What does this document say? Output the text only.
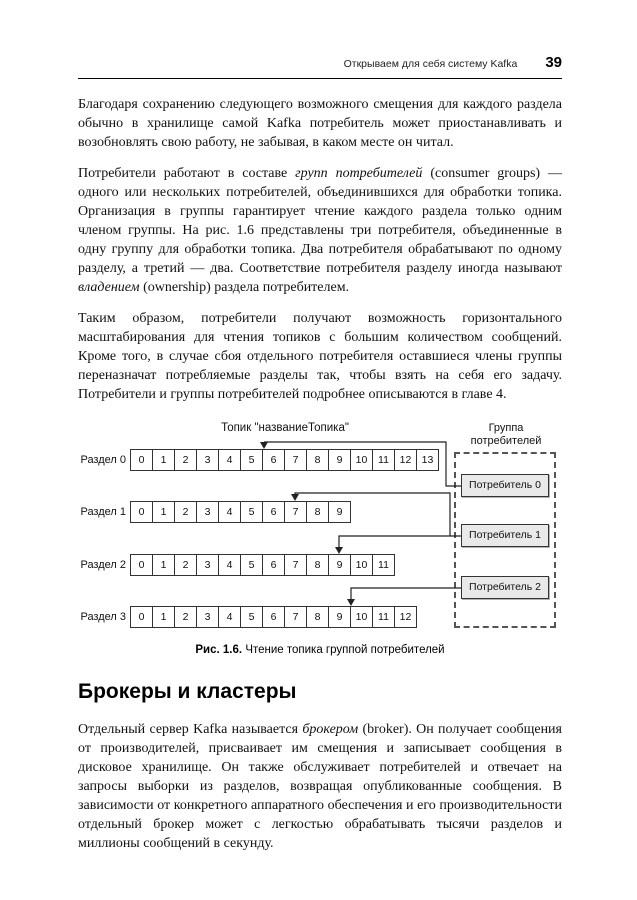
Открываем для себя систему Kafka 39

Благодаря сохранению следующего возможного смещения для каждого раздела обычно в хранилище самой Kafka потребитель может приостанавливать и возобновлять свою работу, не забывая, в каком месте он читал.

Потребители работают в составе групп потребителей (consumer groups) — одного или нескольких потребителей, объединившихся для обработки топика. Организация в группы гарантирует чтение каждого раздела только одним членом группы. На рис. 1.6 представлены три потребителя, объединенные в одну группу для обработки топика. Два потребителя обрабатывают по одному разделу, а третий — два. Соответствие потребителя разделу иногда называют владением (ownership) раздела потребителем.

Таким образом, потребители получают возможность горизонтального масштабирования для чтения топиков с большим количеством сообщений. Кроме того, в случае сбоя отдельного потребителя оставшиеся члены группы переназначат потребляемые разделы так, чтобы взять на себя его задачу. Потребители и группы потребителей подробнее описываются в главе 4.

Топик "названиеТопика"	Группа потребителей
Раздел 0	0	1	2	3	4	5	6	7	8	9	10	11	12 13
Раздел 1	0	1	2	3	4	5	6	7	8	9
Раздел 2	0	1	2	3	4	5	6	7	8	9	10	11
Раздел 3	0	1	2	3	4	5	6	7	8	9	10	11	12
Потребитель 0
Потребитель 1
Потребитель 2
Рис. 1.6. Чтение топика группой потребителей
Брокеры и кластеры

Отдельный сервер Kafka называется брокером (broker). Он получает сообщения от производителей, присваивает им смещения и записывает сообщения в дисковое хранилище. Он также обслуживает потребителей и отвечает на запросы выборки из разделов, возвращая опубликованные сообщения. В зависимости от конкретного аппаратного обеспечения и его производительности отдельный брокер может с легкостью обрабатывать тысячи разделов и миллионы сообщений в секунду.
